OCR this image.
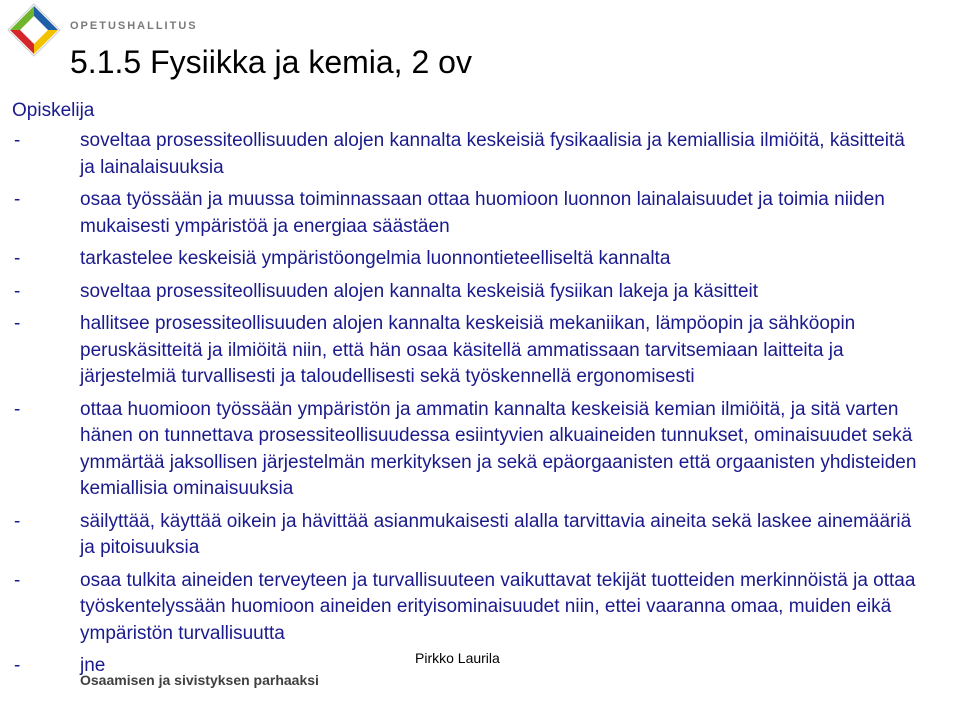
OPETUSHALLITUS
5.1.5 Fysiikka ja kemia, 2 ov
Opiskelija
-	soveltaa prosessiteollisuuden alojen kannalta keskeisiä fysikaalisia ja kemiallisia ilmiöitä, käsitteitä ja lainalaisuuksia
-	osaa työssään ja muussa toiminnassaan ottaa huomioon luonnon lainalaisuudet ja toimia niiden mukaisesti ympäristöä ja energiaa säästäen
-	tarkastelee keskeisiä ympäristöongelmia luonnontieteelliseltä kannalta
-	soveltaa prosessiteollisuuden alojen kannalta keskeisiä fysiikan lakeja ja käsitteit
-	hallitsee prosessiteollisuuden alojen kannalta keskeisiä mekaniikan, lämpöopin ja sähköopin peruskäsitteitä ja ilmiöitä niin, että hän osaa käsitellä ammatissaan tarvitsemiaan laitteita ja järjestelmiä turvallisesti ja taloudellisesti sekä työskennellä ergonomisesti
-	ottaa huomioon työssään ympäristön ja ammatin kannalta keskeisiä kemian ilmiöitä, ja sitä varten hänen on tunnettava prosessiteollisuudessa esiintyvien alkuaineiden tunnukset, ominaisuudet sekä ymmärtää jaksollisen järjestelmän merkityksen ja sekä epäorgaanisten että orgaanisten yhdisteiden kemiallisia ominaisuuksia
-	säilyttää, käyttää oikein ja hävittää asianmukaisesti alalla tarvittavia aineita sekä laskee ainemääriä ja pitoisuuksia
-	osaa tulkita aineiden terveyteen ja turvallisuuteen vaikuttavat tekijät tuotteiden merkinnöistä ja ottaa työskentelyssään huomioon aineiden erityisominaisuudet niin, ettei vaaranna omaa, muiden eikä ympäristön turvallisuutta
-	jne
Osaamisen ja sivistyksen parhaaksi
Pirkko Laurila
